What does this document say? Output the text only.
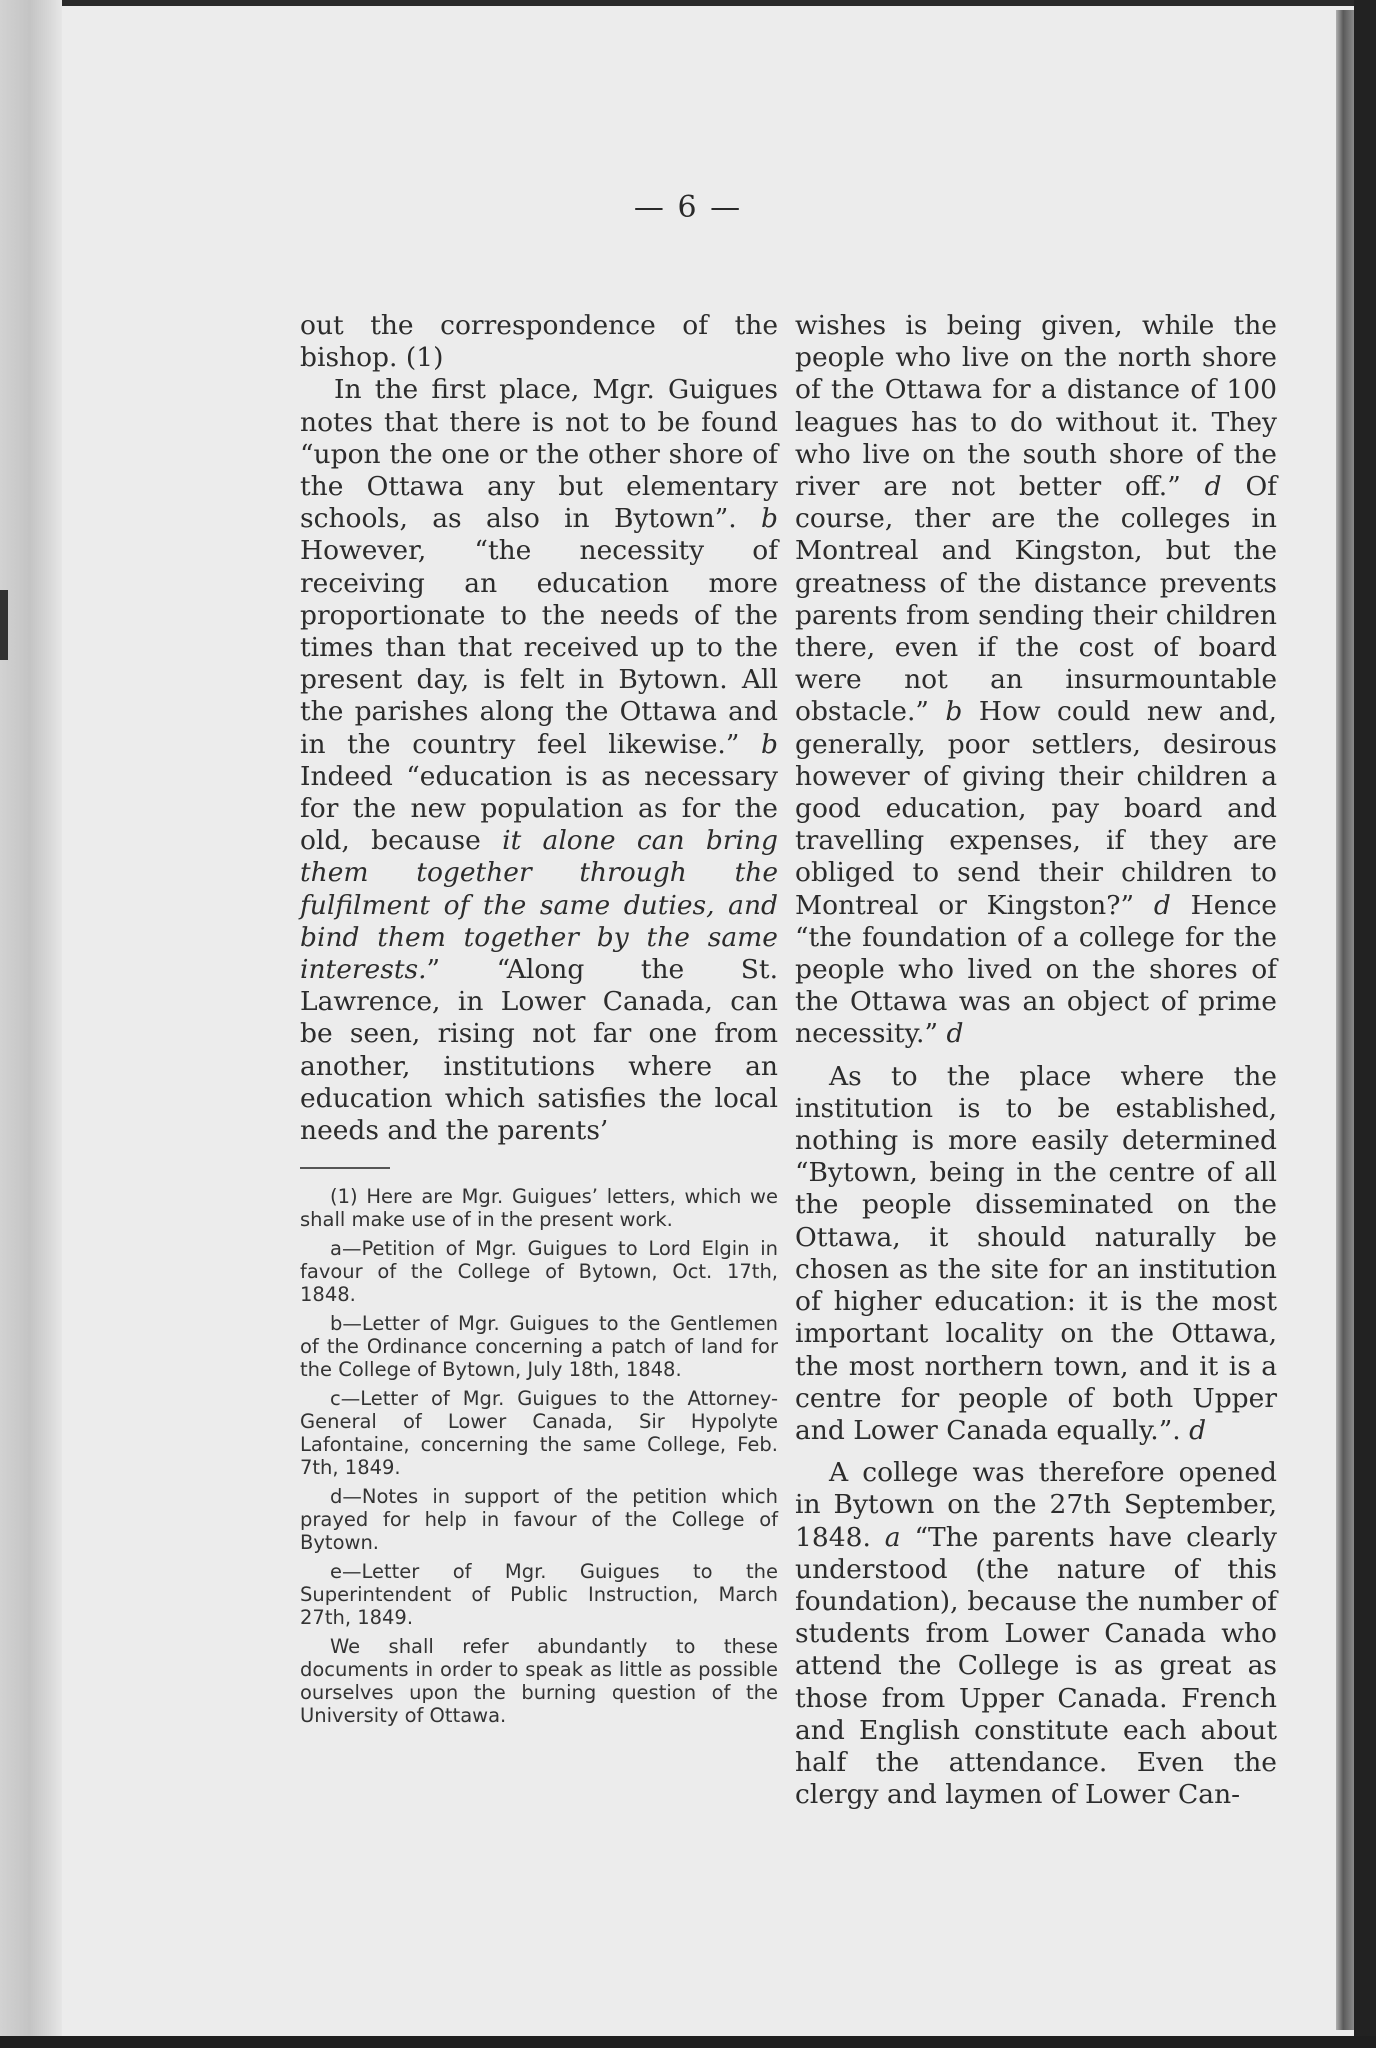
— 6 —

out the correspondence of the bishop. (1)

In the first place, Mgr. Guigues notes that there is not to be found “upon the one or the other shore of the Ottawa any but elementary schools, as also in Bytown”. b However, “the necessity of receiving an education more proportionate to the needs of the times than that received up to the present day, is felt in Bytown. All the parishes along the Ottawa and in the country feel likewise.” b Indeed “education is as necessary for the new population as for the old, because it alone can bring them together through the fulfilment of the same duties, and bind them together by the same interests.” “Along the St. Lawrence, in Lower Canada, can be seen, rising not far one from another, institutions where an education which satisfies the local needs and the parents’

(1) Here are Mgr. Guigues’ letters, which we shall make use of in the present work.

a—Petition of Mgr. Guigues to Lord Elgin in favour of the College of Bytown, Oct. 17th, 1848.

b—Letter of Mgr. Guigues to the Gentlemen of the Ordinance concerning a patch of land for the College of Bytown, July 18th, 1848.

c—Letter of Mgr. Guigues to the Attorney-General of Lower Canada, Sir Hypolyte Lafontaine, concerning the same College, Feb. 7th, 1849.

d—Notes in support of the petition which prayed for help in favour of the College of Bytown.

e—Letter of Mgr. Guigues to the Superintendent of Public Instruction, March 27th, 1849.

We shall refer abundantly to these documents in order to speak as little as possible ourselves upon the burning question of the University of Ottawa.

wishes is being given, while the people who live on the north shore of the Ottawa for a distance of 100 leagues has to do without it. They who live on the south shore of the river are not better off.” d Of course, ther are the colleges in Montreal and Kingston, but the greatness of the distance prevents parents from sending their children there, even if the cost of board were not an insurmountable obstacle.” b How could new and, generally, poor settlers, desirous however of giving their children a good education, pay board and travelling expenses, if they are obliged to send their children to Montreal or Kingston?” d Hence “the foundation of a college for the people who lived on the shores of the Ottawa was an object of prime necessity.” d

As to the place where the institution is to be established, nothing is more easily determined “Bytown, being in the centre of all the people disseminated on the Ottawa, it should naturally be chosen as the site for an institution of higher education: it is the most important locality on the Ottawa, the most northern town, and it is a centre for people of both Upper and Lower Canada equally.”. d

A college was therefore opened in Bytown on the 27th September, 1848. a “The parents have clearly understood (the nature of this foundation), because the number of students from Lower Canada who attend the College is as great as those from Upper Canada. French and English constitute each about half the attendance. Even the clergy and laymen of Lower Can-
